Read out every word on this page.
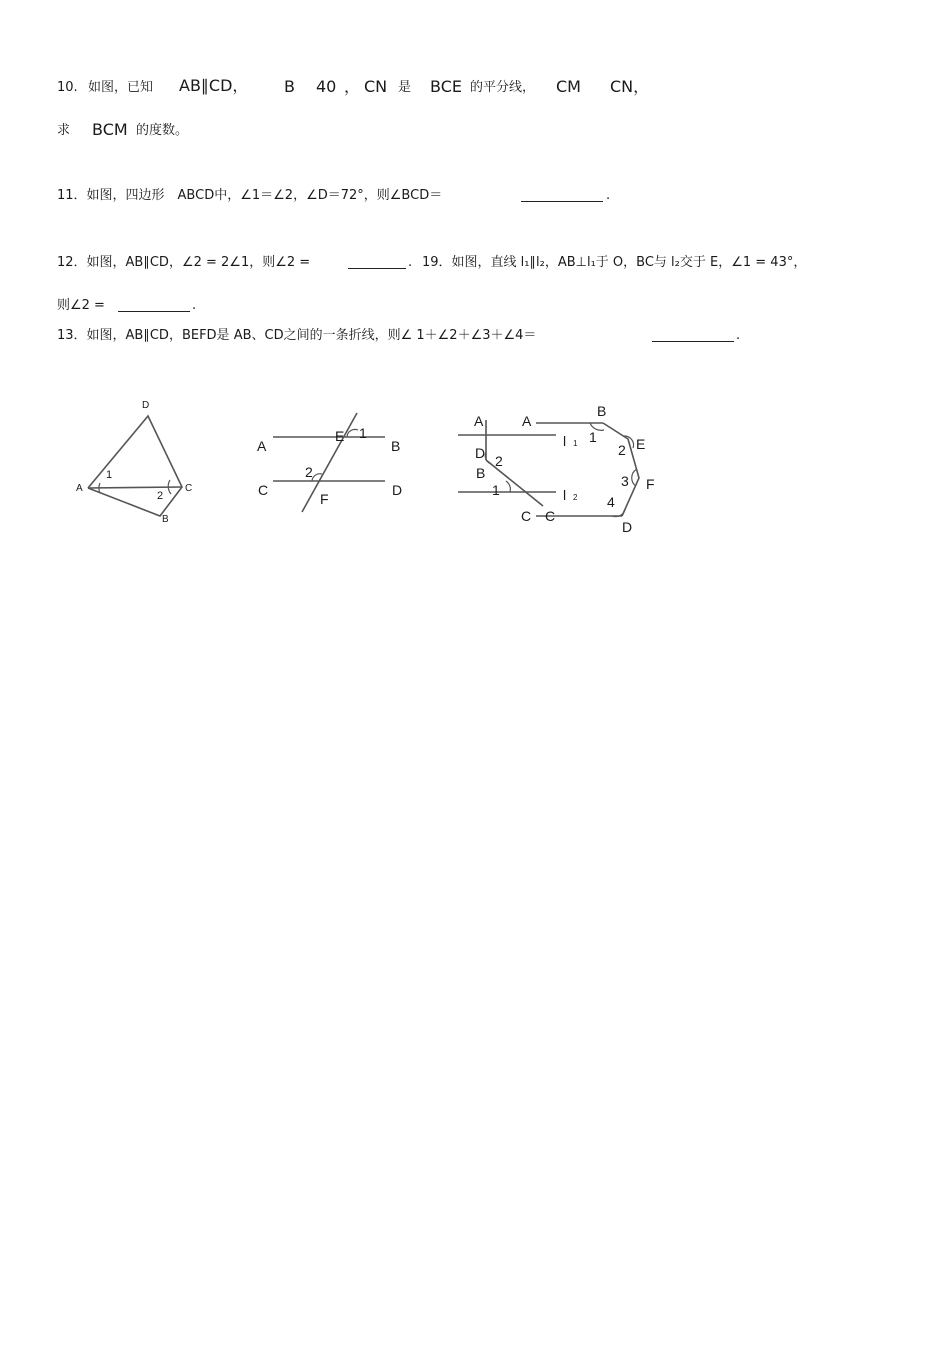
10. 如图，已知 AB∥CD， B 40 ， CN 是 BCE 的平分线， CM CN，
求 BCM 的度数。
11．如图，四边形　ABCD中，∠1＝∠2，∠D＝72°，则∠BCD＝	.
12．如图，AB∥CD，∠2 = 2∠1，则∠2 =	. 19．如图，直线 l₁∥l₂，AB⊥l₁于 O，BC与 l₂交于 E，∠1 = 43°，
则∠2 =	.
13．如图，AB∥CD，BEFD是 AB、CD之间的一条折线，则∠ 1＋∠2＋∠3＋∠4＝	.
D
A	C
B
1
2
A	B
C	D
E
F
1
2
A
D
B
2
1
C
l 1
l 2
A
B
E
F
D
C
1
2
3
4
